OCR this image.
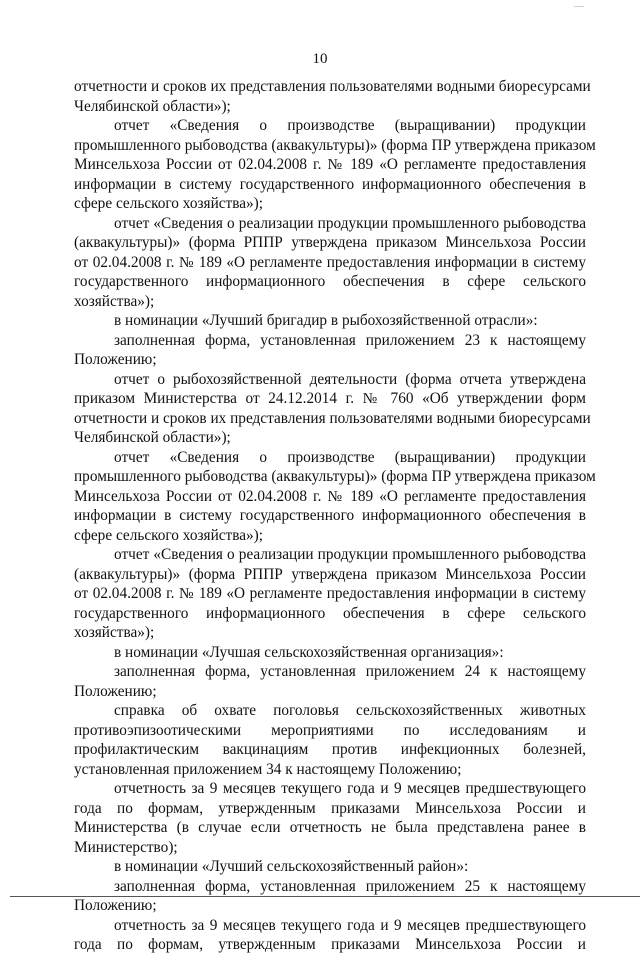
10
отчетности и сроков их представления пользователями водными биоресурсами
Челябинской области»);
отчет «Сведения о производстве (выращивании) продукции
промышленного рыбоводства (аквакультуры)» (форма ПР утверждена приказом
Минсельхоза России от 02.04.2008 г. № 189 «О регламенте предоставления
информации в систему государственного информационного обеспечения в
сфере сельского хозяйства»);
отчет «Сведения о реализации продукции промышленного рыбоводства
(аквакультуры)» (форма РППР утверждена приказом Минсельхоза России
от 02.04.2008 г. № 189 «О регламенте предоставления информации в систему
государственного информационного обеспечения в сфере сельского
хозяйства»);
в номинации «Лучший бригадир в рыбохозяйственной отрасли»:
заполненная форма, установленная приложением 23 к настоящему
Положению;
отчет о рыбохозяйственной деятельности (форма отчета утверждена
приказом Министерства от 24.12.2014 г. № 760 «Об утверждении форм
отчетности и сроков их представления пользователями водными биоресурсами
Челябинской области»);
отчет «Сведения о производстве (выращивании) продукции
промышленного рыбоводства (аквакультуры)» (форма ПР утверждена приказом
Минсельхоза России от 02.04.2008 г. № 189 «О регламенте предоставления
информации в систему государственного информационного обеспечения в
сфере сельского хозяйства»);
отчет «Сведения о реализации продукции промышленного рыбоводства
(аквакультуры)» (форма РППР утверждена приказом Минсельхоза России
от 02.04.2008 г. № 189 «О регламенте предоставления информации в систему
государственного информационного обеспечения в сфере сельского
хозяйства»);
в номинации «Лучшая сельскохозяйственная организация»:
заполненная форма, установленная приложением 24 к настоящему
Положению;
справка об охвате поголовья сельскохозяйственных животных
противоэпизоотическими мероприятиями по исследованиям и
профилактическим вакцинациям против инфекционных болезней,
установленная приложением 34 к настоящему Положению;
отчетность за 9 месяцев текущего года и 9 месяцев предшествующего
года по формам, утвержденным приказами Минсельхоза России и
Министерства (в случае если отчетность не была представлена ранее в
Министерство);
в номинации «Лучший сельскохозяйственный район»:
заполненная форма, установленная приложением 25 к настоящему
Положению;
отчетность за 9 месяцев текущего года и 9 месяцев предшествующего
года по формам, утвержденным приказами Минсельхоза России и
